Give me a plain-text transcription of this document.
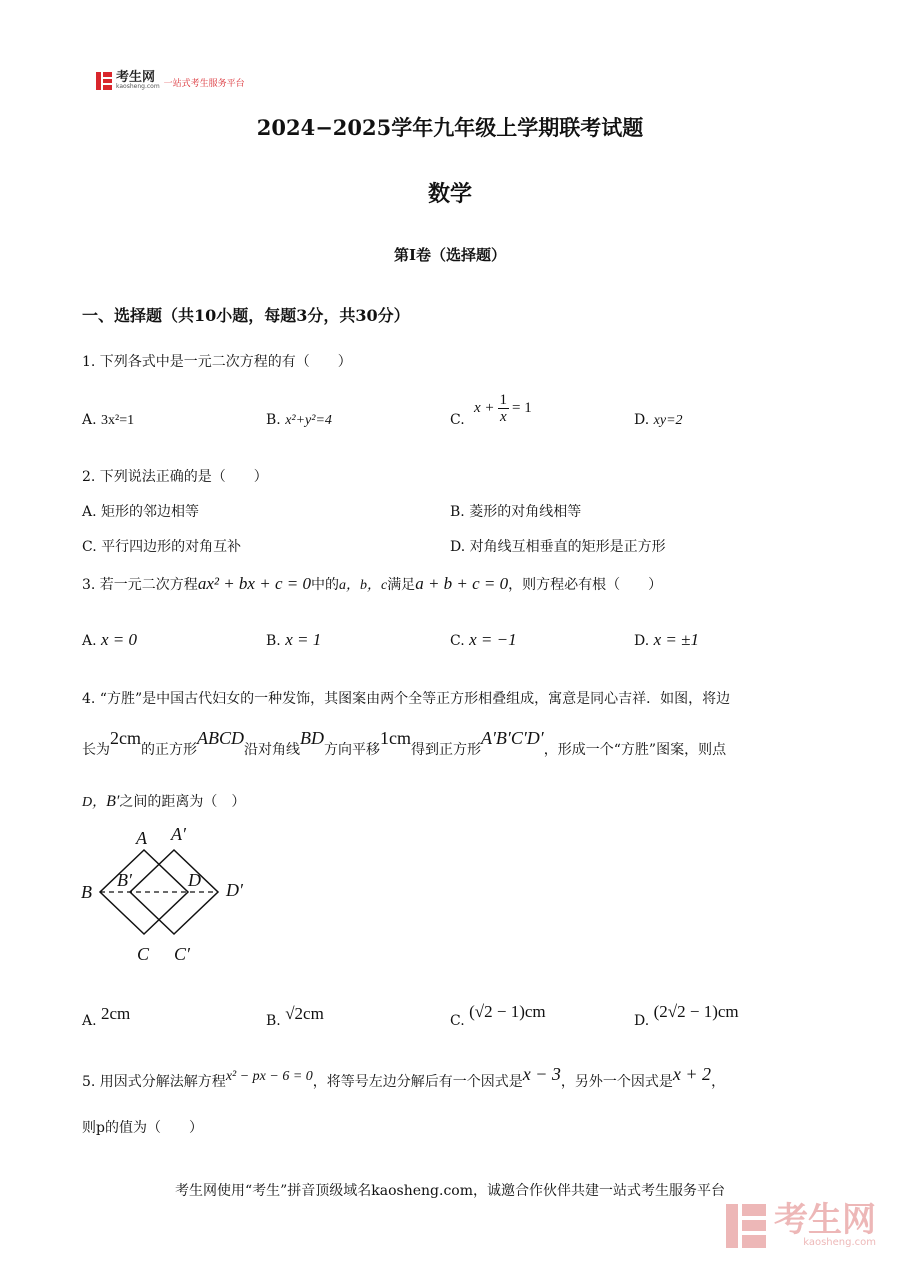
考生网
kaosheng.com 一站式考生服务平台
2024−2025学年九年级上学期联考试题
数学
第I卷（选择题）
一、选择题（共10小题，每题3分，共30分）
1. 下列各式中是一元二次方程的有（　　）
A. 3x²=1	B. x²+y²=4	C.
$x + \frac{1}{x} = 1$
D. xy=2
2. 下列说法正确的是（　　）
A. 矩形的邻边相等	B. 菱形的对角线相等
C. 平行四边形的对角互补	D. 对角线互相垂直的矩形是正方形
3. 若一元二次方程ax² + bx + c = 0中的a，b，c满足a + b + c = 0，则方程必有根（　　）
A. x = 0	B. x = 1	C. x = −1	D. x = ±1
4. “方胜”是中国古代妇女的一种发饰，其图案由两个全等正方形相叠组成，寓意是同心吉祥．如图，将边
长为2cm的正方形ABCD沿对角线BD方向平移1cm得到正方形A′B′C′D′，形成一个“方胜”图案，则点
D，B′之间的距离为（　）
A A′
B
B′	D D′
C C′
A. 2cm	B. √2cm	C. (√2 − 1)cm	D. (2√2 − 1)cm
5. 用因式分解法解方程x² − px − 6 = 0，将等号左边分解后有一个因式是x − 3，另外一个因式是x + 2，
则p的值为（　　）
考生网使用“考生”拼音顶级域名kaosheng.com，诚邀合作伙伴共建一站式考生服务平台
考生网
kaosheng.com
